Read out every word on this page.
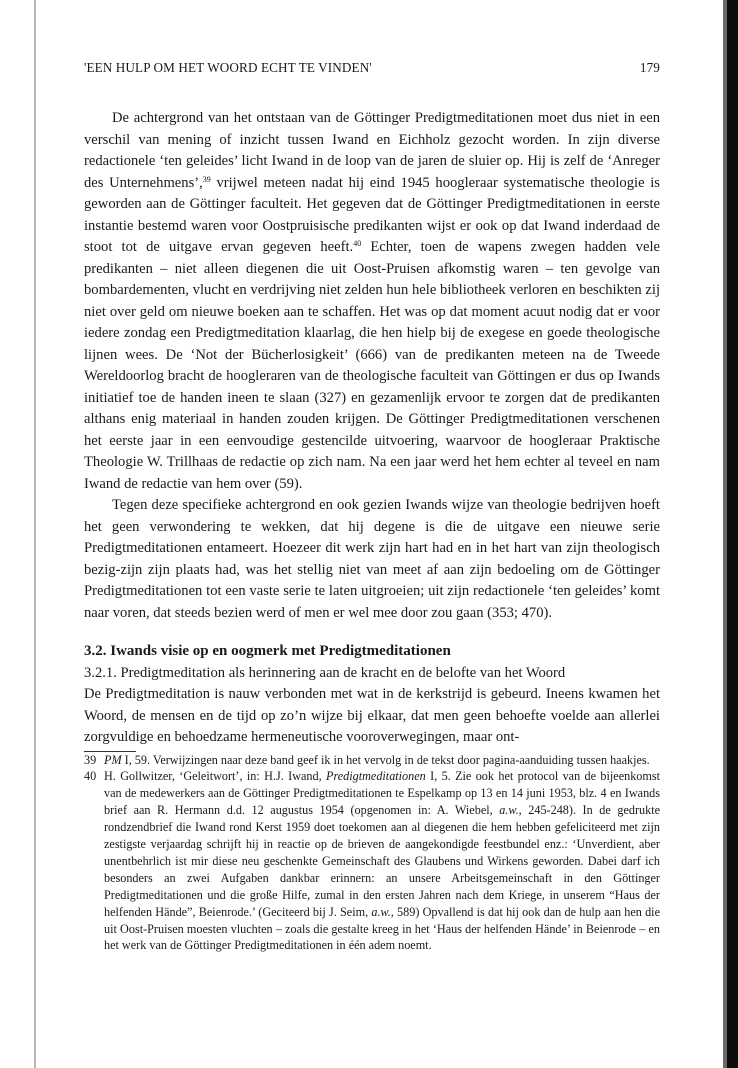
'EEN HULP OM HET WOORD ECHT TE VINDEN'	179

De achtergrond van het ontstaan van de Göttinger Predigtmeditationen moet dus niet in een verschil van mening of inzicht tussen Iwand en Eichholz gezocht worden. In zijn diverse redactionele ‘ten geleides’ licht Iwand in de loop van de jaren de sluier op. Hij is zelf de ‘Anreger des Unternehmens’,$^{39}$ vrijwel meteen nadat hij eind 1945 hoogleraar systematische theologie is geworden aan de Göttinger faculteit. Het gegeven dat de Göttinger Predigtmeditationen in eerste instantie bestemd waren voor Oostpruisische predikanten wijst er ook op dat Iwand inderdaad de stoot tot de uitgave ervan gegeven heeft.$^{40}$ Echter, toen de wapens zwegen hadden vele predikanten – niet alleen diegenen die uit Oost-Pruisen afkomstig waren – ten gevolge van bombardementen, vlucht en verdrijving niet zelden hun hele bibliotheek verloren en beschikten zij niet over geld om nieuwe boeken aan te schaffen. Het was op dat moment acuut nodig dat er voor iedere zondag een Predigtmeditation klaarlag, die hen hielp bij de exegese en goede theologische lijnen wees. De ‘Not der Bücherlosigkeit’ (666) van de predikanten meteen na de Tweede Wereldoorlog bracht de hoogleraren van de theologische faculteit van Göttingen er dus op Iwands initiatief toe de handen ineen te slaan (327) en gezamenlijk ervoor te zorgen dat de predikanten althans enig materiaal in handen zouden krijgen. De Göttinger Predigtmeditationen verschenen het eerste jaar in een eenvoudige gestencilde uitvoering, waarvoor de hoogleraar Praktische Theologie W. Trillhaas de redactie op zich nam. Na een jaar werd het hem echter al teveel en nam Iwand de redactie van hem over (59).

Tegen deze specifieke achtergrond en ook gezien Iwands wijze van theologie bedrijven hoeft het geen verwondering te wekken, dat hij degene is die de uitgave een nieuwe serie Predigtmeditationen entameert. Hoezeer dit werk zijn hart had en in het hart van zijn theologisch bezig-zijn zijn plaats had, was het stellig niet van meet af aan zijn bedoeling om de Göttinger Predigtmeditationen tot een vaste serie te laten uitgroeien; uit zijn redactionele ‘ten geleides’ komt naar voren, dat steeds bezien werd of men er wel mee door zou gaan (353; 470).

3.2. Iwands visie op en oogmerk met Predigtmeditationen
3.2.1. Predigtmeditation als herinnering aan de kracht en de belofte van het Woord

De Predigtmeditation is nauw verbonden met wat in de kerkstrijd is gebeurd. Ineens kwamen het Woord, de mensen en de tijd op zo’n wijze bij elkaar, dat men geen behoefte voelde aan allerlei zorgvuldige en behoedzame hermeneutische vooroverwegingen, maar ont-

39 PM I, 59. Verwijzingen naar deze band geef ik in het vervolg in de tekst door pagina-aanduiding tussen haakjes.
40 H. Gollwitzer, ‘Geleitwort’, in: H.J. Iwand, Predigtmeditationen I, 5. Zie ook het protocol van de bijeenkomst van de medewerkers aan de Göttinger Predigtmeditationen te Espelkamp op 13 en 14 juni 1953, blz. 4 en Iwands brief aan R. Hermann d.d. 12 augustus 1954 (opgenomen in: A. Wiebel, a.w., 245-248). In de gedrukte rondzendbrief die Iwand rond Kerst 1959 doet toekomen aan al diegenen die hem hebben gefeliciteerd met zijn zestigste verjaardag schrijft hij in reactie op de brieven de aangekondigde feestbundel enz.: ‘Unverdient, aber unentbehrlich ist mir diese neu geschenkte Gemeinschaft des Glaubens und Wirkens geworden. Dabei darf ich besonders an zwei Aufgaben dankbar erinnern: an unsere Arbeitsgemeinschaft in den Göttinger Predigtmeditationen und die große Hilfe, zumal in den ersten Jahren nach dem Kriege, in unserem “Haus der helfenden Hände”, Beienrode.’ (Geciteerd bij J. Seim, a.w., 589) Opvallend is dat hij ook dan de hulp aan hen die uit Oost-Pruisen moesten vluchten – zoals die gestalte kreeg in het ‘Haus der helfenden Hände’ in Beienrode – en het werk van de Göttinger Predigtmeditationen in één adem noemt.
